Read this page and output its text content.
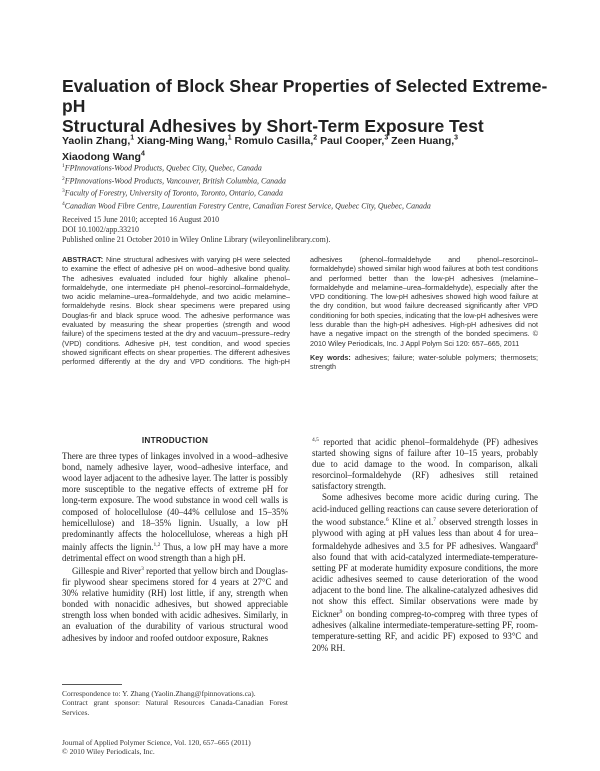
Evaluation of Block Shear Properties of Selected Extreme-pH
Structural Adhesives by Short-Term Exposure Test
Yaolin Zhang,$^1$ Xiang-Ming Wang,$^1$ Romulo Casilla,$^2$ Paul Cooper,$^3$ Zeen Huang,$^3$
Xiaodong Wang$^4$
$^1$FPInnovations-Wood Products, Quebec City, Quebec, Canada
$^2$FPInnovations-Wood Products, Vancouver, British Columbia, Canada
$^3$Faculty of Forestry, University of Toronto, Toronto, Ontario, Canada
$^4$Canadian Wood Fibre Centre, Laurentian Forestry Centre, Canadian Forest Service, Quebec City, Quebec, Canada
Received 15 June 2010; accepted 16 August 2010
DOI 10.1002/app.33210
Published online 21 October 2010 in Wiley Online Library (wileyonlinelibrary.com).

ABSTRACT: Nine structural adhesives with varying pH were selected to examine the effect of adhesive pH on wood–adhesive bond quality. The adhesives evaluated included four highly alkaline phenol–formaldehyde, one intermediate pH phenol–resorcinol–formaldehyde, two acidic melamine–urea–formaldehyde, and two acidic melamine–formaldehyde resins. Block shear specimens were prepared using Douglas-fir and black spruce wood. The adhesive performance was evaluated by measuring the shear properties (strength and wood failure) of the specimens tested at the dry and vacuum–pressure–redry (VPD) conditions. Adhesive pH, test condition, and wood species showed significant effects on shear properties. The different adhesives performed differently at the dry and VPD conditions. The high-pH adhesives (phenol–formaldehyde and phenol–resorcinol–formaldehyde) showed similar high wood failures at both test conditions and performed better than the low-pH adhesives (melamine–formaldehyde and melamine–urea–formaldehyde), especially after the VPD conditioning. The low-pH adhesives showed high wood failure at the dry condition, but wood failure decreased significantly after VPD conditioning for both species, indicating that the low-pH adhesives were less durable than the high-pH adhesives. High-pH adhesives did not have a negative impact on the strength of the bonded specimens. © 2010 Wiley Periodicals, Inc. J Appl Polym Sci 120: 657–665, 2011

Key words: adhesives; failure; water-soluble polymers; thermosets; strength

INTRODUCTION

There are three types of linkages involved in a wood–adhesive bond, namely adhesive layer, wood–adhesive interface, and wood layer adjacent to the adhesive layer. The latter is possibly more susceptible to the negative effects of extreme pH for long-term exposure. The wood substance in wood cell walls is composed of holocellulose (40–44% cellulose and 15–35% hemicellulose) and 18–35% lignin. Usually, a low pH predominantly affects the holocellulose, whereas a high pH mainly affects the lignin.$^{1,2}$ Thus, a low pH may have a more detrimental effect on wood strength than a high pH.

Gillespie and River$^3$ reported that yellow birch and Douglas-fir plywood shear specimens stored for 4 years at 27°C and 30% relative humidity (RH) lost little, if any, strength when bonded with nonacidic adhesives, but showed appreciable strength loss when bonded with acidic adhesives. Similarly, in an evaluation of the durability of various structural wood adhesives by indoor and roofed outdoor exposure, Raknes

$^{4,5}$ reported that acidic phenol–formaldehyde (PF) adhesives started showing signs of failure after 10–15 years, probably due to acid damage to the wood. In comparison, alkali resorcinol–formaldehyde (RF) adhesives still retained satisfactory strength.

Some adhesives become more acidic during curing. The acid-induced gelling reactions can cause severe deterioration of the wood substance.$^6$ Kline et al.$^7$ observed strength losses in plywood with aging at pH values less than about 4 for urea–formaldehyde adhesives and 3.5 for PF adhesives. Wangaard$^8$ also found that with acid-catalyzed intermediate-temperature-setting PF at moderate humidity exposure conditions, the more acidic adhesives seemed to cause deterioration of the wood adjacent to the bond line. The alkaline-catalyzed adhesives did not show this effect. Similar observations were made by Eickner$^9$ on bonding compreg-to-compreg with three types of adhesives (alkaline intermediate-temperature-setting PF, room-temperature-setting RF, and acidic PF) exposed to 93°C and 20% RH.

Correspondence to: Y. Zhang (Yaolin.Zhang@fpinnovations.ca).

Contract grant sponsor: Natural Resources Canada-Canadian Forest Services.

Journal of Applied Polymer Science, Vol. 120, 657–665 (2011)
© 2010 Wiley Periodicals, Inc.
